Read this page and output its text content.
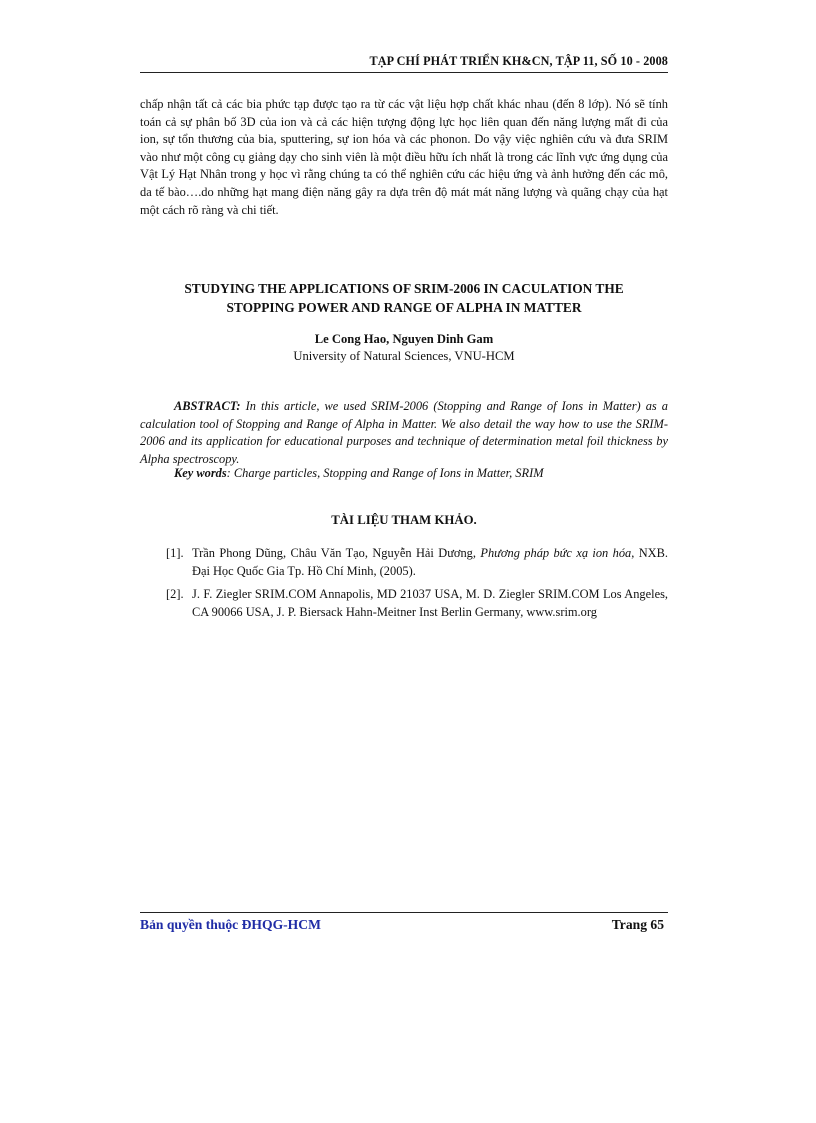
TẠP CHÍ PHÁT TRIỂN KH&CN, TẬP 11, SỐ 10 - 2008

chấp nhận tất cả các bia phức tạp được tạo ra từ các vật liệu hợp chất khác nhau (đến 8 lớp). Nó sẽ tính toán cả sự phân bố 3D của ion và cả các hiện tượng động lực học liên quan đến năng lượng mất đi của ion, sự tổn thương của bia, sputtering, sự ion hóa và các phonon. Do vậy việc nghiên cứu và đưa SRIM vào như một công cụ giảng dạy cho sinh viên là một điều hữu ích nhất là trong các lĩnh vực ứng dụng của Vật Lý Hạt Nhân trong y học vì rằng chúng ta có thể nghiên cứu các hiệu ứng và ảnh hưởng đến các mô, da tế bào….do những hạt mang điện năng gây ra dựa trên độ mát mát năng lượng và quãng chạy của hạt một cách rõ ràng và chi tiết.

STUDYING THE APPLICATIONS OF SRIM-2006 IN CACULATION THE
STOPPING POWER AND RANGE OF ALPHA IN MATTER
Le Cong Hao, Nguyen Dinh Gam
University of Natural Sciences, VNU-HCM

ABSTRACT: In this article, we used SRIM-2006 (Stopping and Range of Ions in Matter) as a calculation tool of Stopping and Range of Alpha in Matter. We also detail the way how to use the SRIM-2006 and its application for educational purposes and technique of determination metal foil thickness by Alpha spectroscopy.

Key words: Charge particles, Stopping and Range of Ions in Matter, SRIM
TÀI LIỆU THAM KHẢO.
[1]. Trần Phong Dũng, Châu Văn Tạo, Nguyễn Hải Dương, Phương pháp bức xạ ion hóa, NXB. Đại Học Quốc Gia Tp. Hồ Chí Minh, (2005).
[2]. J. F. Ziegler SRIM.COM Annapolis, MD 21037 USA, M. D. Ziegler SRIM.COM Los Angeles, CA 90066 USA, J. P. Biersack Hahn-Meitner Inst Berlin Germany, www.srim.org
Bản quyền thuộc ĐHQG-HCM	Trang 65
